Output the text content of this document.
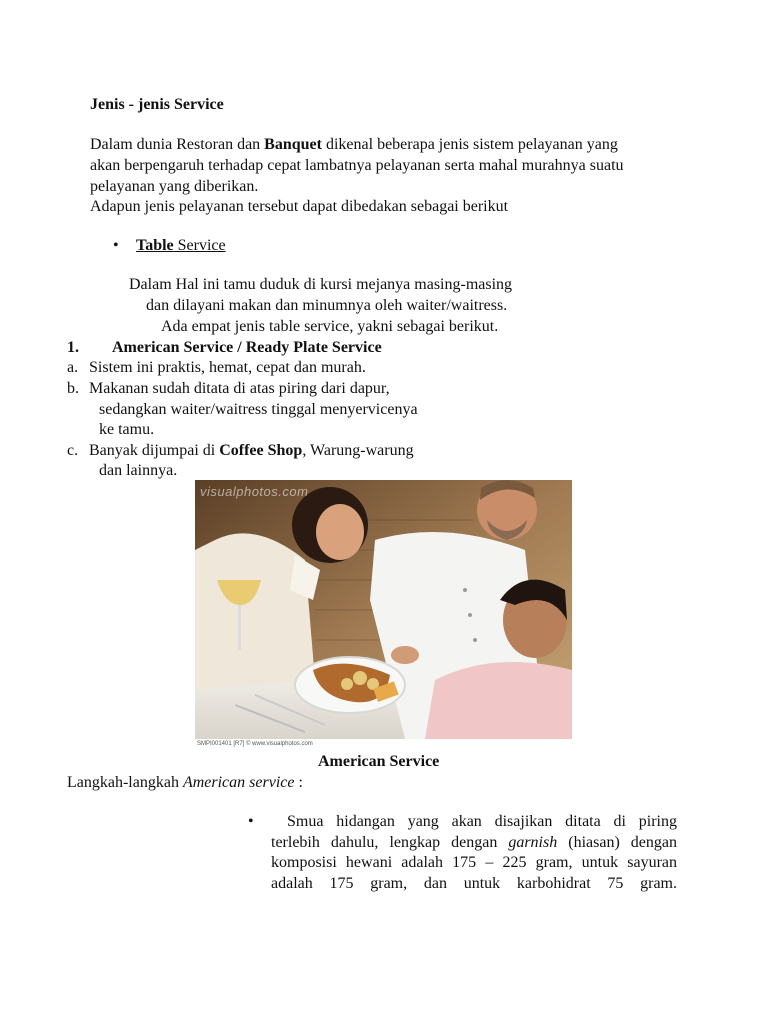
Jenis - jenis Service
Dalam dunia Restoran dan Banquet dikenal beberapa jenis sistem pelayanan yang
akan berpengaruh terhadap cepat lambatnya pelayanan serta mahal murahnya suatu
pelayanan yang diberikan.
Adapun jenis pelayanan tersebut dapat dibedakan sebagai berikut
• Table Service
Dalam Hal ini tamu duduk di kursi mejanya masing-masing
dan dilayani makan dan minumnya oleh waiter/waitress.
Ada empat jenis table service, yakni sebagai berikut.
1. American Service / Ready Plate Service
a. Sistem ini praktis, hemat, cepat dan murah.
b. Makanan sudah ditata di atas piring dari dapur,
sedangkan waiter/waitress tinggal menyervicenya
ke tamu.
c. Banyak dijumpai di Coffee Shop, Warung-warung
dan lainnya.
visualphotos.com
SMPI001401 [R7] © www.visualphotos.com
American Service
Langkah-langkah American service :
• Smua hidangan yang akan disajikan ditata di piring
terlebih dahulu, lengkap dengan garnish (hiasan) dengan
komposisi hewani adalah 175 – 225 gram, untuk sayuran
adalah 175 gram, dan untuk karbohidrat 75 gram.
